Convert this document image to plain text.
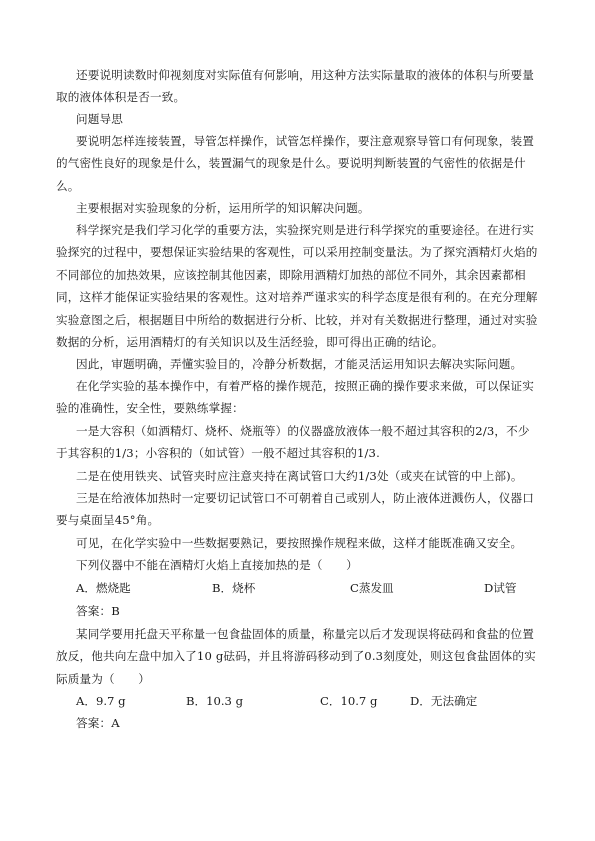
还要说明读数时仰视刻度对实际值有何影响，用这种方法实际量取的液体的体积与所要量取的液体体积是否一致。

问题导思

要说明怎样连接装置，导管怎样操作，试管怎样操作，要注意观察导管口有何现象，装置的气密性良好的现象是什么，装置漏气的现象是什么。要说明判断装置的气密性的依据是什么。

主要根据对实验现象的分析，运用所学的知识解决问题。

科学探究是我们学习化学的重要方法，实验探究则是进行科学探究的重要途径。在进行实验探究的过程中，要想保证实验结果的客观性，可以采用控制变量法。为了探究酒精灯火焰的不同部位的加热效果，应该控制其他因素，即除用酒精灯加热的部位不同外，其余因素都相同，这样才能保证实验结果的客观性。这对培养严谨求实的科学态度是很有利的。在充分理解实验意图之后，根据题目中所给的数据进行分析、比较，并对有关数据进行整理，通过对实验数据的分析，运用酒精灯的有关知识以及生活经验，即可得出正确的结论。

因此，审题明确，弄懂实验目的，冷静分析数据，才能灵活运用知识去解决实际问题。

在化学实验的基本操作中，有着严格的操作规范，按照正确的操作要求来做，可以保证实验的准确性，安全性，要熟练掌握：

一是大容积（如酒精灯、烧杯、烧瓶等）的仪器盛放液体一般不超过其容积的2/3，不少于其容积的1/3；小容积的（如试管）一般不超过其容积的1/3.

二是在使用铁夹、试管夹时应注意夹持在离试管口大约1/3处（或夹在试管的中上部)。

三是在给液体加热时一定要切记试管口不可朝着自己或别人，防止液体迸溅伤人，仪器口要与桌面呈45°角。

可见，在化学实验中一些数据要熟记，要按照操作规程来做，这样才能既准确又安全。

下列仪器中不能在酒精灯火焰上直接加热的是（　　）

A．燃烧匙	B．烧杯	C蒸发皿	D试管

答案：B

某同学要用托盘天平称量一包食盐固体的质量，称量完以后才发现误将砝码和食盐的位置放反，他共向左盘中加入了10 g砝码，并且将游码移动到了0.3刻度处，则这包食盐固体的实际质量为（　　）

A．9.7 g	B．10.3 g	C．10.7 g	D．无法确定

答案：A
